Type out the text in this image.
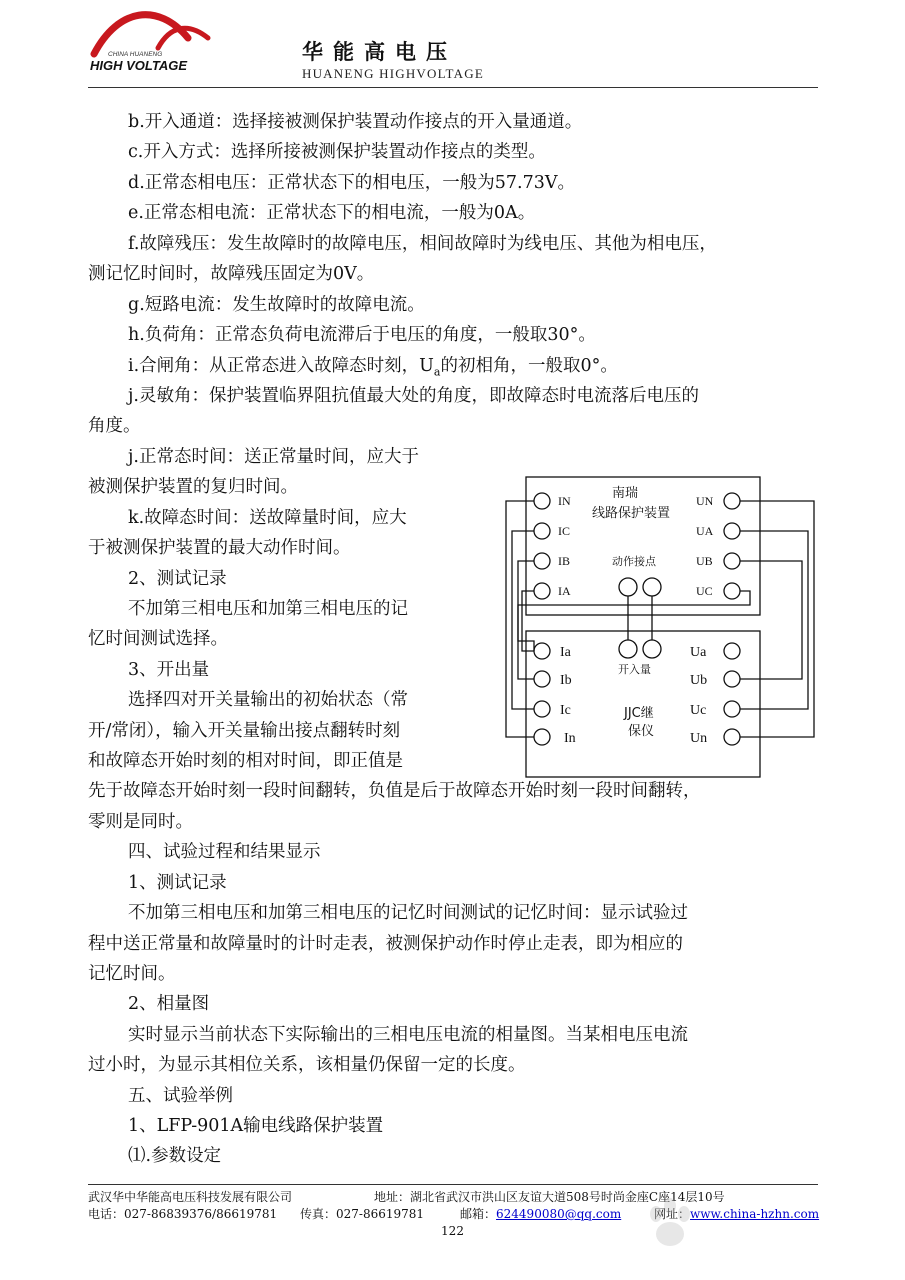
CHINA HUANENG
HIGH VOLTAGE
华能高电压
HUANENG HIGHVOLTAGE
b.开入通道：选择接被测保护装置动作接点的开入量通道。
c.开入方式：选择所接被测保护装置动作接点的类型。
d.正常态相电压：正常状态下的相电压，一般为57.73V。
e.正常态相电流：正常状态下的相电流，一般为0A。
f.故障残压：发生故障时的故障电压，相间故障时为线电压、其他为相电压，
测记忆时间时，故障残压固定为0V。
g.短路电流：发生故障时的故障电流。
h.负荷角：正常态负荷电流滞后于电压的角度，一般取30°。
i.合闸角：从正常态进入故障态时刻，$U_a$的初相角，一般取0°。
j.灵敏角：保护装置临界阻抗值最大处的角度，即故障态时电流落后电压的
角度。
j.正常态时间：送正常量时间，应大于
被测保护装置的复归时间。
k.故障态时间：送故障量时间，应大
于被测保护装置的最大动作时间。
2、测试记录
不加第三相电压和加第三相电压的记
忆时间测试选择。
3、开出量
选择四对开关量输出的初始状态（常
开/常闭），输入开关量输出接点翻转时刻
和故障态开始时刻的相对时间，即正值是
先于故障态开始时刻一段时间翻转，负值是后于故障态开始时刻一段时间翻转，
零则是同时。
四、试验过程和结果显示
1、测试记录
不加第三相电压和加第三相电压的记忆时间测试的记忆时间：显示试验过
程中送正常量和故障量时的计时走表，被测保护动作时停止走表，即为相应的
记忆时间。
2、相量图
实时显示当前状态下实际输出的三相电压电流的相量图。当某相电压电流
过小时，为显示其相位关系，该相量仍保留一定的长度。
五、试验举例
1、LFP-901A输电线路保护装置
⑴.参数设定
南瑞
线路保护装置
动作接点
开入量
JJC继
保仪
IN
IC
IB
IA
UN
UA
UB
UC
Ia
Ib
Ic
In
Ua
Ub
Uc
Un
武汉华中华能高电压科技发展有限公司	地址：湖北省武汉市洪山区友谊大道508号时尚金座C座14层10号
电话：027-86839376/86619781 传真：027-86619781	邮箱：624490080@qq.com	网址：www.china-hzhn.com
122
